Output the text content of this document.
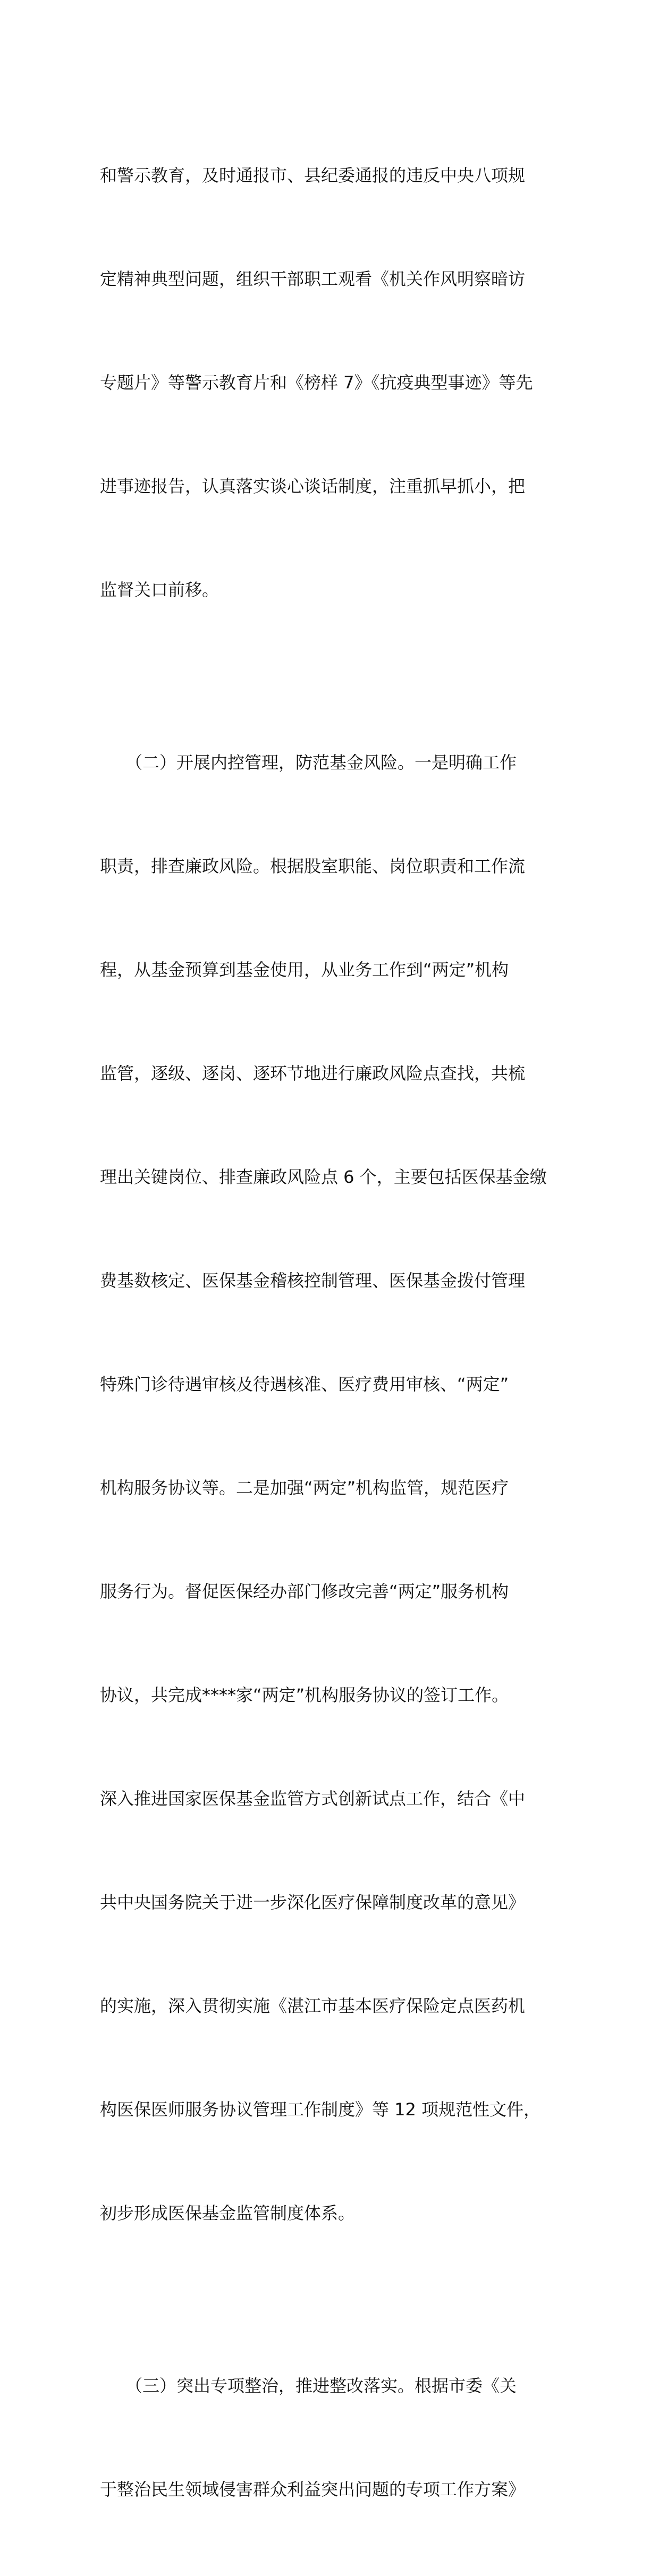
和警示教育，及时通报市、县纪委通报的违反中央八项规

定精神典型问题，组织干部职工观看《机关作风明察暗访

专题片》等警示教育片和《榜样 7》《抗疫典型事迹》等先

进事迹报告，认真落实谈心谈话制度，注重抓早抓小，把

监督关口前移。

　　（二）开展内控管理，防范基金风险。一是明确工作

职责，排查廉政风险。根据股室职能、岗位职责和工作流

程，从基金预算到基金使用，从业务工作到“两定”机构

监管，逐级、逐岗、逐环节地进行廉政风险点查找，共梳

理出关键岗位、排查廉政风险点 6 个，主要包括医保基金缴

费基数核定、医保基金稽核控制管理、医保基金拨付管理

特殊门诊待遇审核及待遇核准、医疗费用审核、“两定”

机构服务协议等。二是加强“两定”机构监管，规范医疗

服务行为。督促医保经办部门修改完善“两定”服务机构

协议，共完成****家“两定”机构服务协议的签订工作。

深入推进国家医保基金监管方式创新试点工作，结合《中

共中央国务院关于进一步深化医疗保障制度改革的意见》

的实施，深入贯彻实施《湛江市基本医疗保险定点医药机

构医保医师服务协议管理工作制度》等 12 项规范性文件，

初步形成医保基金监管制度体系。

　　（三）突出专项整治，推进整改落实。根据市委《关

于整治民生领域侵害群众利益突出问题的专项工作方案》
